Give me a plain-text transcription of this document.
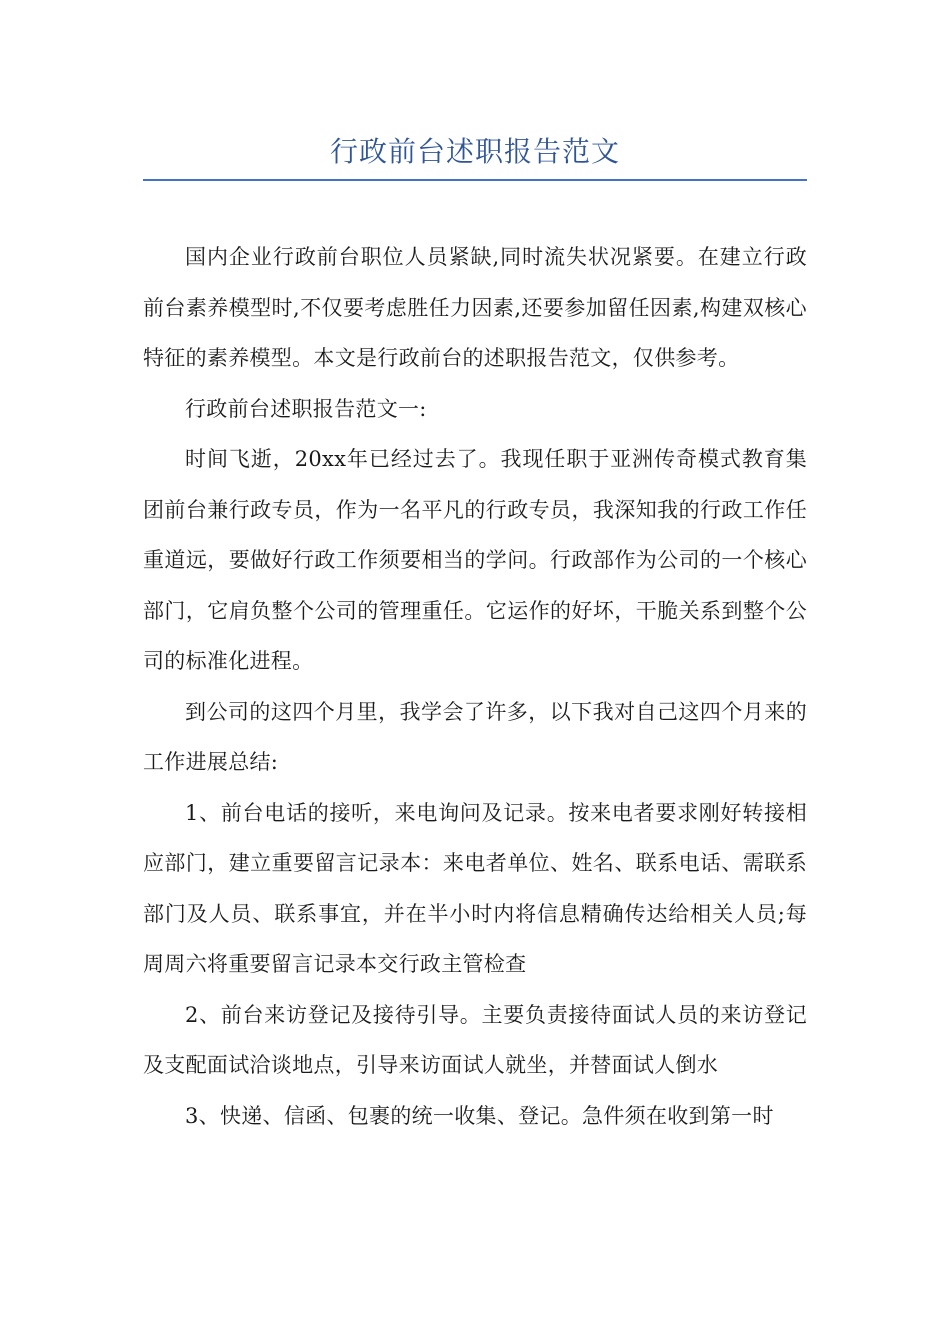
行政前台述职报告范文

国内企业行政前台职位人员紧缺,同时流失状况紧要。在建立行政前台素养模型时,不仅要考虑胜任力因素,还要参加留任因素,构建双核心特征的素养模型。本文是行政前台的述职报告范文，仅供参考。

行政前台述职报告范文一:

时间飞逝，20xx年已经过去了。我现任职于亚洲传奇模式教育集团前台兼行政专员，作为一名平凡的行政专员，我深知我的行政工作任重道远，要做好行政工作须要相当的学问。行政部作为公司的一个核心部门，它肩负整个公司的管理重任。它运作的好坏，干脆关系到整个公司的标准化进程。

到公司的这四个月里，我学会了许多，以下我对自己这四个月来的工作进展总结:

1、前台电话的接听，来电询问及记录。按来电者要求刚好转接相应部门，建立重要留言记录本：来电者单位、姓名、联系电话、需联系部门及人员、联系事宜，并在半小时内将信息精确传达给相关人员;每周周六将重要留言记录本交行政主管检查

2、前台来访登记及接待引导。主要负责接待面试人员的来访登记及支配面试洽谈地点，引导来访面试人就坐，并替面试人倒水

3、快递、信函、包裹的统一收集、登记。急件须在收到第一时
